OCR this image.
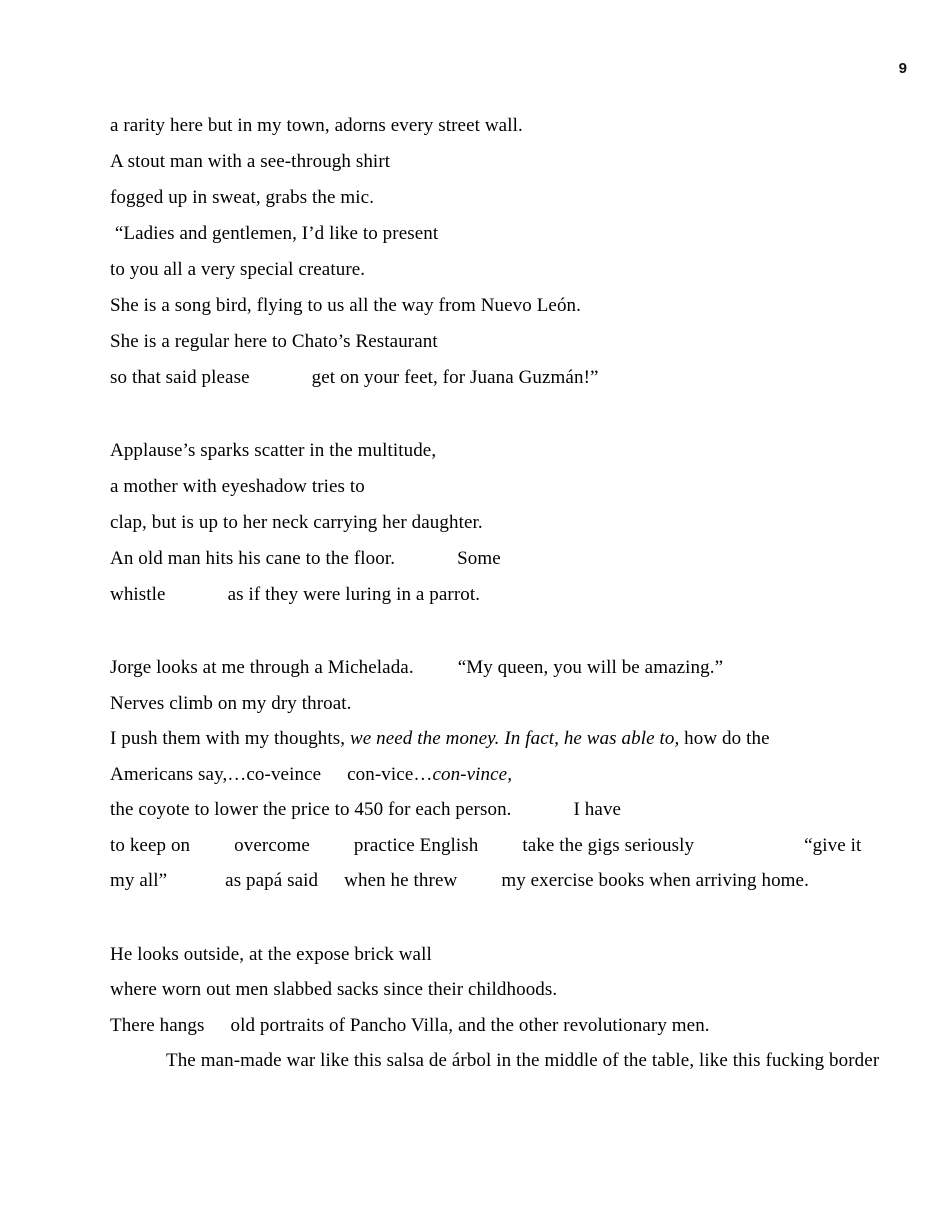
9
a rarity here but in my town, adorns every street wall.
A stout man with a see-through shirt
fogged up in sweat, grabs the mic.
“Ladies and gentlemen, I’d like to present
to you all a very special creature.
She is a song bird, flying to us all the way from Nuevo León.
She is a regular here to Chato’s Restaurant
so that said please	get on your feet, for Juana Guzmán!”
Applause’s sparks scatter in the multitude,
a mother with eyeshadow tries to
clap, but is up to her neck carrying her daughter.
An old man hits his cane to the floor.	Some
whistle	as if they were luring in a parrot.
Jorge looks at me through a Michelada. “My queen, you will be amazing.”
Nerves climb on my dry throat.
I push them with my thoughts, we need the money. In fact, he was able to, how do the
Americans say,…co-veince con-vice…con-vince,
the coyote to lower the price to 450 for each person.	I have
to keep on overcome practice English take the gigs seriously	“give it
my all”	as papá said when he threw my exercise books when arriving home.
He looks outside, at the expose brick wall
where worn out men slabbed sacks since their childhoods.
There hangs old portraits of Pancho Villa, and the other revolutionary men.
The man-made war like this salsa de árbol in the middle of the table, like this fucking border
